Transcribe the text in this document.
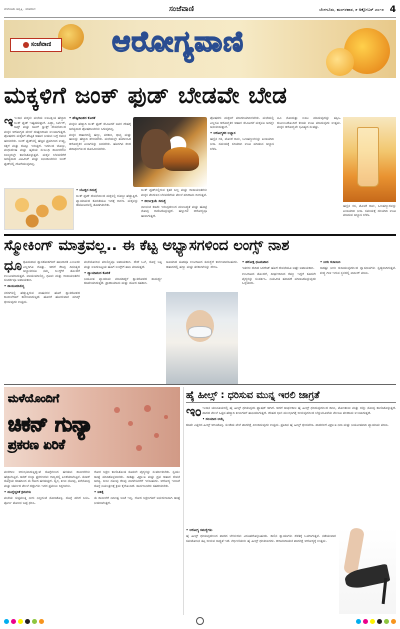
ಬೆಂಗಳೂರು ಆವೃತ್ತಿ · ಸಂಜೆವಾಣಿ	ಸಂಜೆವಾಣಿ	ಬೆಂಗಳೂರು, ಮಂಗಳವಾರ, ೯ ಅಕ್ಟೋಬರ್ ೨೦೧೮ 4
ಸಂಜೆವಾಣಿ ಆರೋಗ್ಯವಾಣಿ
ಮಕ್ಕಳಿಗೆ ಜಂಕ್ ಫುಡ್ ಬೇಡವೇ ಬೇಡ

ಇಇಂದಿನ ಮಕ್ಕಳು ಮನೆಯ ಊಟಕ್ಕಿಂತ ಹೆಚ್ಚಾಗಿ ಜಂಕ್ ಫುಡ್ ಇಷ್ಟಪಡುತ್ತಾರೆ. ಪಿಜ್ಜಾ, ಬರ್ಗರ್, ಚಿಪ್ಸ್ ಮತ್ತು ಕೂಲ್ ಡ್ರಿಂಕ್ಸ್ ಸೇವನೆಯಿಂದ ಮಕ್ಕಳ ಆರೋಗ್ಯದ ಮೇಲೆ ದುಷ್ಪರಿಣಾಮ ಉಂಟಾಗುತ್ತದೆ. ಪೋಷಕರು ಮಕ್ಕಳಿಗೆ ಪೌಷ್ಟಿಕ ಆಹಾರ ನೀಡುವ ಬಗ್ಗೆ ಗಮನ ಹರಿಸಬೇಕು. ಜಂಕ್ ಫುಡ್‌ನಲ್ಲಿ ಹೆಚ್ಚಿನ ಪ್ರಮಾಣದ ಉಪ್ಪು, ಸಕ್ಕರೆ ಮತ್ತು ಕೊಬ್ಬು ಇರುತ್ತದೆ. ಇದರಿಂದ ಬೊಜ್ಜು, ಮಧುಮೇಹ ಮತ್ತು ಹೃದಯ ಸಂಬಂಧಿ ಕಾಯಿಲೆಗಳು ಬಾಲ್ಯದಲ್ಲೇ ಕಾಣಿಸಿಕೊಳ್ಳುತ್ತವೆ. ಮಕ್ಕಳ ಬೆಳವಣಿಗೆಗೆ ಅಗತ್ಯವಾದ ವಿಟಮಿನ್ ಮತ್ತು ಖನಿಜಾಂಶಗಳು ಜಂಕ್ ಫುಡ್‌ನಲ್ಲಿ ದೊರೆಯುವುದಿಲ್ಲ.

• ಪೌಷ್ಟಿಕಾಂಶದ ಕೊರತೆ

ಮಕ್ಕಳು ಹೆಚ್ಚಾಗಿ ಜಂಕ್ ಫುಡ್ ಸೇವಿಸಿದರೆ ಅವರ ದೇಹಕ್ಕೆ ಅಗತ್ಯವಾದ ಪೋಷಕಾಂಶಗಳು ಸಿಗುವುದಿಲ್ಲ.

ಮಕ್ಕಳ ಆಹಾರದಲ್ಲಿ ಹಣ್ಣು, ತರಕಾರಿ, ಧಾನ್ಯ ಮತ್ತು ಹಾಲನ್ನು ಹೆಚ್ಚಾಗಿ ಸೇರಿಸಬೇಕು. ಮನೆಯಲ್ಲೇ ತಯಾರಿಸಿದ ಆರೋಗ್ಯಕರ ತಿಂಡಿಗಳನ್ನು ನೀಡಬೇಕು. ಹೊರಗಿನ ಕರಿದ ಪದಾರ್ಥಗಳಿಂದ ದೂರವಿರಿಸಬೇಕು.

• ಬೊಜ್ಜಿನ ಸಮಸ್ಯೆ

ಜಂಕ್ ಫುಡ್ ಸೇವನೆಯಿಂದ ಮಕ್ಕಳಲ್ಲಿ ಬೊಜ್ಜು ಹೆಚ್ಚುತ್ತಿದೆ. ವ್ಯಾಯಾಮದ ಕೊರತೆಯೂ ಇದಕ್ಕೆ ಕಾರಣ. ಮಕ್ಕಳನ್ನು ಆಟೋಟಗಳಲ್ಲಿ ತೊಡಗಿಸಬೇಕು.

ಜಂಕ್ ಫುಡ್‌ನಲ್ಲಿರುವ ಕೃತಕ ಬಣ್ಣ ಮತ್ತು ರಾಸಾಯನಿಕಗಳು ಮಕ್ಕಳ ಮೆದುಳಿನ ಬೆಳವಣಿಗೆಯ ಮೇಲೆ ಪರಿಣಾಮ ಬೀರುತ್ತವೆ.

• ಜೀರ್ಣಕ್ರಿಯೆ ಸಮಸ್ಯೆ

ನಾರಿನಂಶ ಕಡಿಮೆ ಇರುವುದರಿಂದ ಮಲಬದ್ಧತೆ ಮತ್ತು ಹೊಟ್ಟೆ ನೋವು ಕಾಣಿಸಿಕೊಳ್ಳುತ್ತದೆ. ಹಲ್ಲುಗಳ ಆರೋಗ್ಯವೂ ಹಾಳಾಗುತ್ತದೆ.

ಪೋಷಕರು ಮಕ್ಕಳಿಗೆ ಮಾದರಿಯಾಗಿರಬೇಕು. ಮನೆಯಲ್ಲಿ ಎಲ್ಲರೂ ಆರೋಗ್ಯಕರ ಆಹಾರ ಸೇವಿಸಿದರೆ ಮಕ್ಕಳೂ ಅದನ್ನೇ ಅನುಸರಿಸುತ್ತಾರೆ.

• ಆರೋಗ್ಯಕರ ಅಭ್ಯಾಸ

ಹಣ್ಣಿನ ರಸ, ಮೊಳಕೆ ಕಾಳು, ಒಣಹಣ್ಣುಗಳನ್ನು ತಿಂಡಿಯಾಗಿ ನೀಡಿ. ಸಮಯಕ್ಕೆ ಸರಿಯಾಗಿ ಊಟ ಮಾಡುವ ಅಭ್ಯಾಸ ಬೆಳೆಸಿ.

ಟಿವಿ ನೋಡುತ್ತಾ ಊಟ ಮಾಡುವುದನ್ನು ತಪ್ಪಿಸಿ. ಕುಟುಂಬದೊಂದಿಗೆ ಕುಳಿತು ಊಟ ಮಾಡುವುದು ಉತ್ತಮ. ಮಕ್ಕಳ ಆರೋಗ್ಯವೇ ಭವಿಷ್ಯದ ಸಂಪತ್ತು.

ಹಣ್ಣಿನ ರಸ, ಮೊಳಕೆ ಕಾಳು, ಒಣಹಣ್ಣುಗಳನ್ನು ತಿಂಡಿಯಾಗಿ ನೀಡಿ. ಸಮಯಕ್ಕೆ ಸರಿಯಾಗಿ ಊಟ ಮಾಡುವ ಅಭ್ಯಾಸ ಬೆಳೆಸಿ.

ಸ್ಮೋಕಿಂಗ್ ಮಾತ್ರವಲ್ಲ.. ಈ ಕೆಟ್ಟ ಅಭ್ಯಾಸಗಳಿಂದ ಲಂಗ್ಸ್ ನಾಶ

ಧೂಧೂಮಪಾನ ಶ್ವಾಸಕೋಶಗಳಿಗೆ ಹಾನಿಕಾರಕ ಎಂಬುದು ಎಲ್ಲರಿಗೂ ಗೊತ್ತು. ಆದರೆ ಕೆಲವು ದಿನನಿತ್ಯದ ಅಭ್ಯಾಸಗಳೂ ನಮ್ಮ ಲಂಗ್ಸ್‌ಗೆ ತೊಂದರೆ ಉಂಟುಮಾಡುತ್ತವೆ. ವಾಯುಮಾಲಿನ್ಯ, ಧೂಳು ಮತ್ತು ರಾಸಾಯನಿಕಗಳ ಸಂಪರ್ಕವೂ ಅಪಾಯಕಾರಿ.

• ವಾಯುಮಾಲಿನ್ಯ

ನಗರಗಳಲ್ಲಿ ಹೆಚ್ಚುತ್ತಿರುವ ವಾಹನಗಳ ಹೊಗೆ ಶ್ವಾಸಕೋಶದ ಕಾಯಿಲೆಗಳಿಗೆ ಕಾರಣವಾಗುತ್ತಿದೆ. ಹೊರಗೆ ಹೋಗುವಾಗ ಮಾಸ್ಕ್ ಧರಿಸುವುದು ಉತ್ತಮ.

ಮನೆಯೊಳಗಿನ ಮಾಲಿನ್ಯವೂ ಅಪಾಯಕಾರಿ. ಸೌದೆ ಒಲೆ, ಸೊಳ್ಳೆ ಬತ್ತಿ ಮತ್ತು ಊದುಬತ್ತಿಯ ಹೊಗೆ ಲಂಗ್ಸ್‌ಗೆ ಹಾನಿ ಮಾಡುತ್ತದೆ.

• ವ್ಯಾಯಾಮದ ಕೊರತೆ

ನಿಯಮಿತ ವ್ಯಾಯಾಮ ಮಾಡದಿದ್ದರೆ ಶ್ವಾಸಕೋಶದ ಸಾಮರ್ಥ್ಯ ಕಡಿಮೆಯಾಗುತ್ತದೆ. ಪ್ರಾಣಾಯಾಮ ಮತ್ತು ಯೋಗ ಸಹಕಾರಿ.

ಅತಿಯಾದ ತೂಕವೂ ಉಸಿರಾಟದ ಸಮಸ್ಯೆಗೆ ಕಾರಣವಾಗಬಹುದು. ಆಹಾರದಲ್ಲಿ ಹಣ್ಣು ಮತ್ತು ತರಕಾರಿಗಳನ್ನು ಸೇರಿಸಿ.

• ಪರೋಕ್ಷ ಧೂಮಪಾನ

ಇತರರು ಸೇದಿದ ಸಿಗರೇಟ್ ಹೊಗೆ ಸೇವನೆಯೂ ಅಷ್ಟೇ ಅಪಾಯಕಾರಿ.

ಉಸಿರಾಟದ ತೊಂದರೆ, ದೀರ್ಘಕಾಲದ ಕೆಮ್ಮು ಇದ್ದರೆ ಕೂಡಲೇ ವೈದ್ಯರನ್ನು ಸಂಪರ್ಕಿಸಿ. ನಿಯಮಿತ ತಪಾಸಣೆ ಮಾಡಿಸಿಕೊಳ್ಳುವುದು ಒಳ್ಳೆಯದು.

• ನೀರು ಕುಡಿಯಿರಿ

ಸಾಕಷ್ಟು ನೀರು ಕುಡಿಯುವುದರಿಂದ ಶ್ವಾಸನಾಳಗಳು ಸ್ವಚ್ಛವಾಗಿರುತ್ತವೆ. ಶುದ್ಧ ಗಾಳಿ ಇರುವ ಸ್ಥಳದಲ್ಲಿ ವಾಕಿಂಗ್ ಮಾಡಿ.

ಮಳೆಯೊಂದಿಗೆ
ಚಿಕನ್ ಗುನ್ಯಾ
ಪ್ರಕರಣ ಏರಿಕೆ

ಮಳೆಗಾಲ ಆರಂಭವಾಗುತ್ತಿದ್ದಂತೆ ಸೊಳ್ಳೆಗಳಿಂದ ಹರಡುವ ಕಾಯಿಲೆಗಳು ಹೆಚ್ಚಾಗುತ್ತಿವೆ. ಚಿಕನ್ ಗುನ್ಯಾ ಪ್ರಕರಣಗಳು ರಾಜ್ಯದಲ್ಲಿ ಏರಿಕೆಯಾಗುತ್ತಿವೆ. ಈಡಿಸ್ ಸೊಳ್ಳೆಯ ಕಡಿತದಿಂದ ಈ ರೋಗ ಹರಡುತ್ತದೆ. ಜ್ವರ, ಕೀಲು ನೋವು, ತಲೆನೋವು ಮತ್ತು ಚರ್ಮದ ಮೇಲೆ ದದ್ದುಗಳು ಇದರ ಪ್ರಮುಖ ಲಕ್ಷಣಗಳು.

• ಮುನ್ನೆಚ್ಚರಿಕೆ ಕ್ರಮಗಳು

ಮನೆಯ ಸುತ್ತಮುತ್ತ ನೀರು ನಿಲ್ಲದಂತೆ ನೋಡಿಕೊಳ್ಳಿ. ಸೊಳ್ಳೆ ಪರದೆ ಬಳಸಿ. ಪೂರ್ಣ ತೋಳಿನ ಬಟ್ಟೆ ಧರಿಸಿ.

ರೋಗ ಲಕ್ಷಣ ಕಾಣಿಸಿಕೊಂಡ ಕೂಡಲೇ ವೈದ್ಯರನ್ನು ಸಂಪರ್ಕಿಸಬೇಕು. ಸ್ವಯಂ ಚಿಕಿತ್ಸೆ ಮಾಡಿಕೊಳ್ಳಬಾರದು. ಸಾಕಷ್ಟು ವಿಶ್ರಾಂತಿ ಮತ್ತು ದ್ರವ ಆಹಾರ ಸೇವನೆ ಅಗತ್ಯ. ಕೀಲು ನೋವು ಕೆಲವು ವಾರಗಳವರೆಗೆ ಇರಬಹುದು. ಆರೋಗ್ಯ ಇಲಾಖೆ ಸೊಳ್ಳೆ ನಿಯಂತ್ರಣಕ್ಕೆ ಕ್ರಮ ಕೈಗೊಂಡಿದೆ. ಸಾರ್ವಜನಿಕರು ಸಹಕರಿಸಬೇಕು.

• ಚಿಕಿತ್ಸೆ

ಈ ಕಾಯಿಲೆಗೆ ನಿರ್ದಿಷ್ಟ ಲಸಿಕೆ ಇಲ್ಲ. ರೋಗ ಲಕ್ಷಣಗಳಿಗೆ ಅನುಗುಣವಾಗಿ ಚಿಕಿತ್ಸೆ ನೀಡಲಾಗುತ್ತದೆ.

ಹೈ ಹೀಲ್ಸ್ : ಧರಿಸುವ ಮುನ್ನ ಇರಲಿ ಜಾಗ್ರತೆ

ಇಂಇಂದಿನ ಯುವತಿಯರಲ್ಲಿ ಹೈ ಹೀಲ್ಸ್ ಧರಿಸುವುದು ಫ್ಯಾಷನ್ ಆಗಿದೆ. ಆದರೆ ದೀರ್ಘಕಾಲ ಹೈ ಹೀಲ್ಸ್ ಧರಿಸುವುದರಿಂದ ಕಾಲು, ಮೊಣಕಾಲು ಮತ್ತು ಬೆನ್ನು ನೋವು ಕಾಣಿಸಿಕೊಳ್ಳುತ್ತದೆ. ಪಾದದ ಮೇಲೆ ಒತ್ತಡ ಹೆಚ್ಚಾಗಿ ಕೀಲುಗಳಿಗೆ ಹಾನಿಯಾಗುತ್ತದೆ. ದೇಹದ ಭಾರ ಮುಂಭಾಗಕ್ಕೆ ಬೀಳುವುದರಿಂದ ಬೆನ್ನುಮೂಳೆಯ ಮೇಲೂ ಪರಿಣಾಮ ಉಂಟಾಗುತ್ತದೆ.

• ಸರಿಯಾದ ಆಯ್ಕೆ

ಕಡಿಮೆ ಎತ್ತರದ ಹೀಲ್ಸ್ ಆರಿಸಿಕೊಳ್ಳಿ. ಸಂಜೆಯ ವೇಳೆ ಪಾದರಕ್ಷೆ ಖರೀದಿಸುವುದು ಉತ್ತಮ. ಪ್ರತಿದಿನ ಹೈ ಹೀಲ್ಸ್ ಧರಿಸಬೇಡಿ. ಪಾದಗಳಿಗೆ ವಿಶ್ರಾಂತಿ ನೀಡಿ ಮತ್ತು ನಿಯಮಿತವಾಗಿ ವ್ಯಾಯಾಮ ಮಾಡಿ.

• ಆರೋಗ್ಯ ಸಮಸ್ಯೆಗಳು

ಹೈ ಹೀಲ್ಸ್ ಧರಿಸುವುದರಿಂದ ಪಾದದ ಬೆರಳುಗಳು ವಿರೂಪಗೊಳ್ಳಬಹುದು. ಕಾಲಿನ ಸ್ನಾಯುಗಳು ಸೆಳೆತಕ್ಕೆ ಒಳಗಾಗುತ್ತವೆ. ನಡೆಯುವಾಗ ಸಮತೋಲನ ತಪ್ಪಿ ಬೀಳುವ ಸಾಧ್ಯತೆ ಇದೆ. ಗರ್ಭಿಣಿಯರು ಹೈ ಹೀಲ್ಸ್ ಧರಿಸಬಾರದು. ಆರಾಮದಾಯಕ ಪಾದರಕ್ಷೆ ಆರೋಗ್ಯಕ್ಕೆ ಉತ್ತಮ.
